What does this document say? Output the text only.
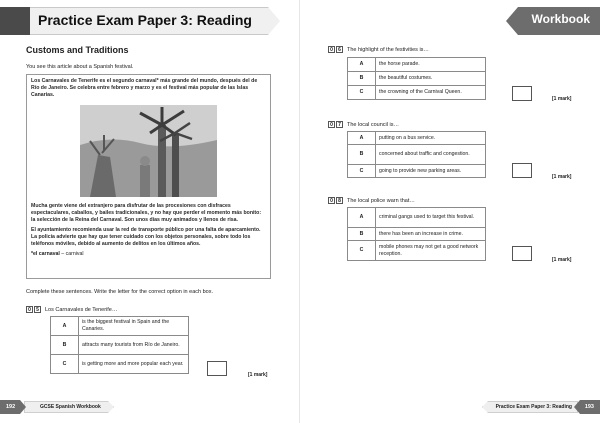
Practice Exam Paper 3: Reading
Customs and Traditions
You see this article about a Spanish festival.

Los Carnavales de Tenerife es el segundo carnaval* más grande del mundo, después del de Río de Janeiro. Se celebra entre febrero y marzo y es el festival más popular de las Islas Canarias.

Mucha gente viene del extranjero para disfrutar de las procesiones con disfraces espectaculares, caballos, y bailes tradicionales, y no hay que perder el momento más bonito: la selección de la Reina del Carnaval. Son unos días muy animados y llenos de risa.

El ayuntamiento recomienda usar la red de transporte público por una falta de aparcamiento. La policía advierte que hay que tener cuidado con los objetos personales, sobre todo los teléfonos móviles, debido al aumento de delitos en los últimos años.

*el carnaval – carnival

Complete these sentences. Write the letter for the correct option in each box.
0	5	Los Carnavales de Tenerife…
A	is the biggest festival in Spain and the Canaries.
B	attracts many tourists from Río de Janeiro.
C	is getting more and more popular each year.
[1 mark]
192	GCSE Spanish Workbook
Workbook
0	6	The highlight of the festivities is…
A	the horse parade.
B	the beautiful costumes.
C	the crowning of the Carnival Queen.
[1 mark]
0	7	The local council is…
A	putting on a bus service.
B	concerned about traffic and congestion.
C	going to provide new parking areas.
[1 mark]
0	8	The local police warn that…
A	criminal gangs used to target this festival.
B	there has been an increase in crime.
C	mobile phones may not get a good network reception.
[1 mark]
Practice Exam Paper 3: Reading 193
